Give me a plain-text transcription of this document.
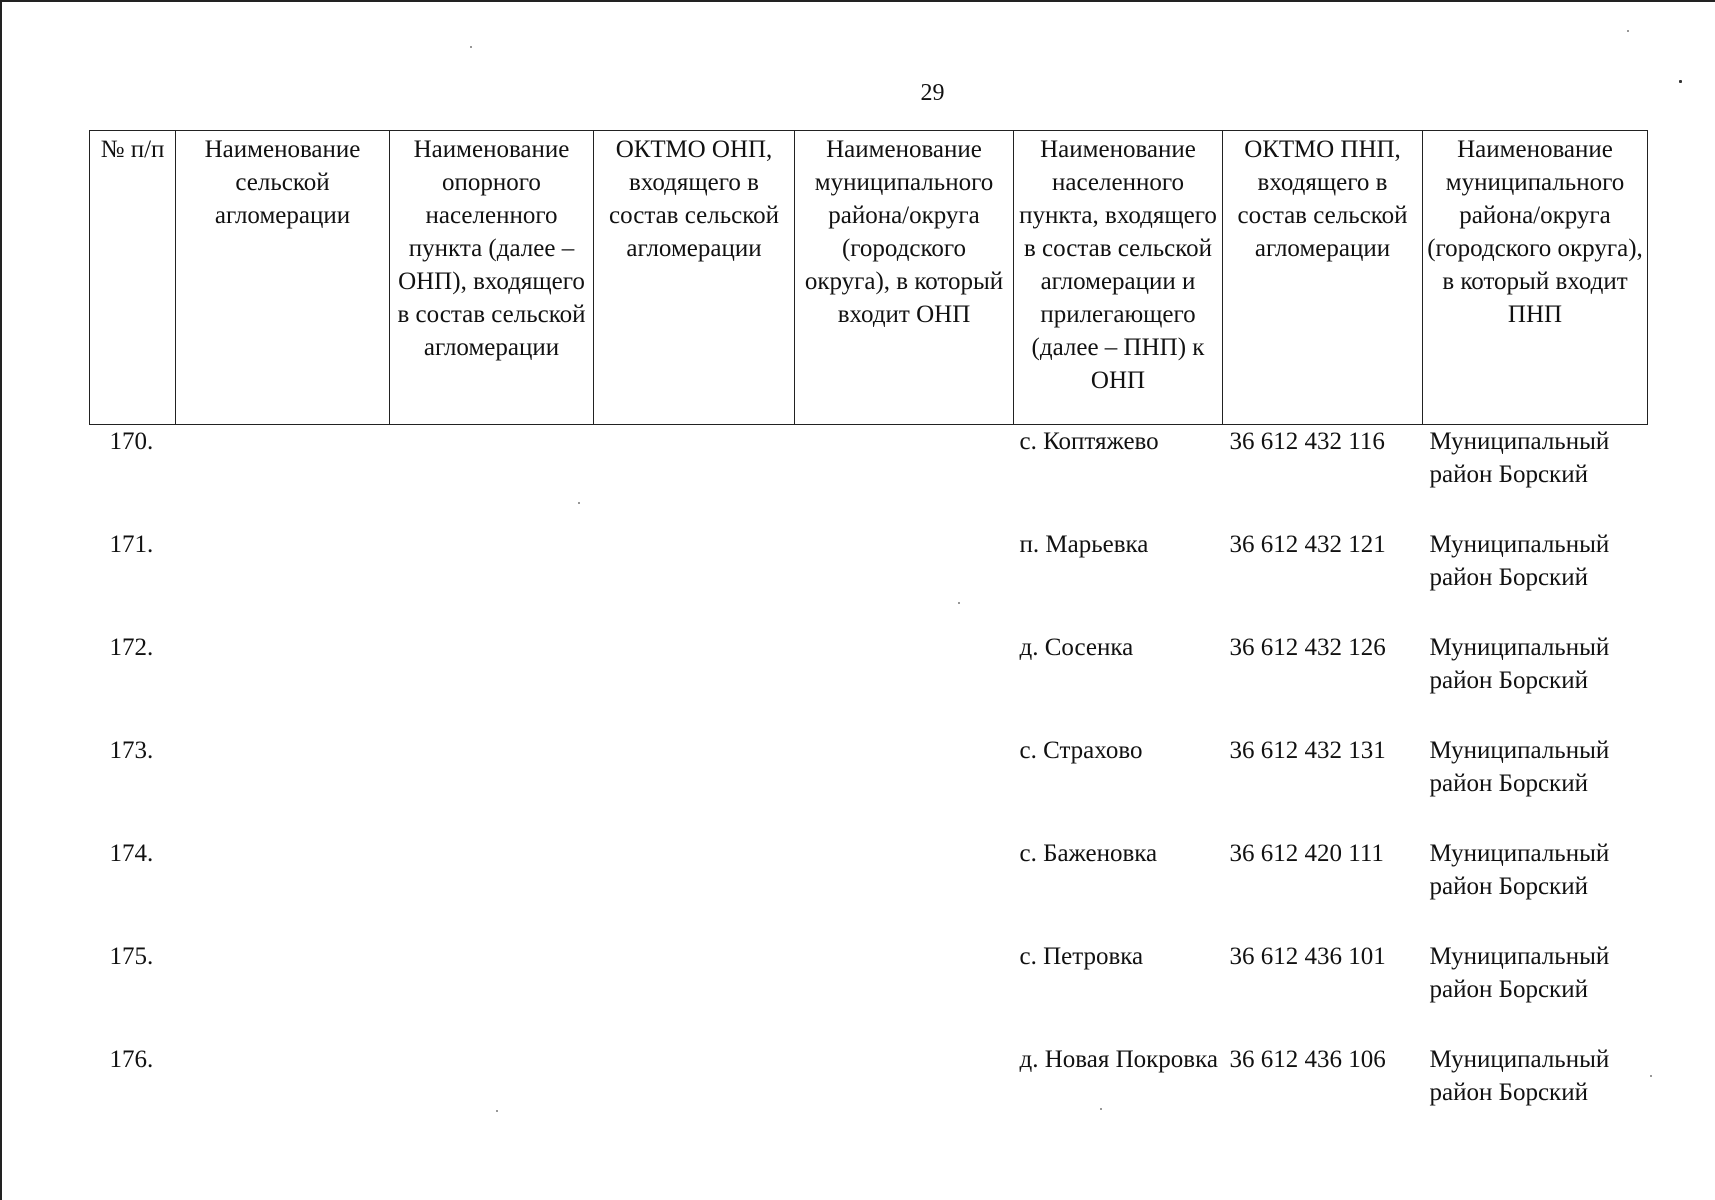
29
№ п/п	Наименование сельской агломерации	Наименование опорного населенного пункта (далее – ОНП), входящего в состав сельской агломерации	ОКТМО ОНП, входящего в состав сельской агломерации	Наименование муниципального района/округа (городского округа), в который входит ОНП	Наименование населенного пункта, входящего в состав сельской агломерации и прилегающего (далее – ПНП) к ОНП	ОКТМО ПНП, входящего в состав сельской агломерации	Наименование муниципального района/округа (городского округа), в который входит ПНП
170.					с. Коптяжево	36 612 432 116	Муниципальный район Борский
171.					п. Марьевка	36 612 432 121	Муниципальный район Борский
172.					д. Сосенка	36 612 432 126	Муниципальный район Борский
173.					с. Страхово	36 612 432 131	Муниципальный район Борский
174.					с. Баженовка	36 612 420 111	Муниципальный район Борский
175.					с. Петровка	36 612 436 101	Муниципальный район Борский
176.					д. Новая Покровка	36 612 436 106	Муниципальный район Борский
